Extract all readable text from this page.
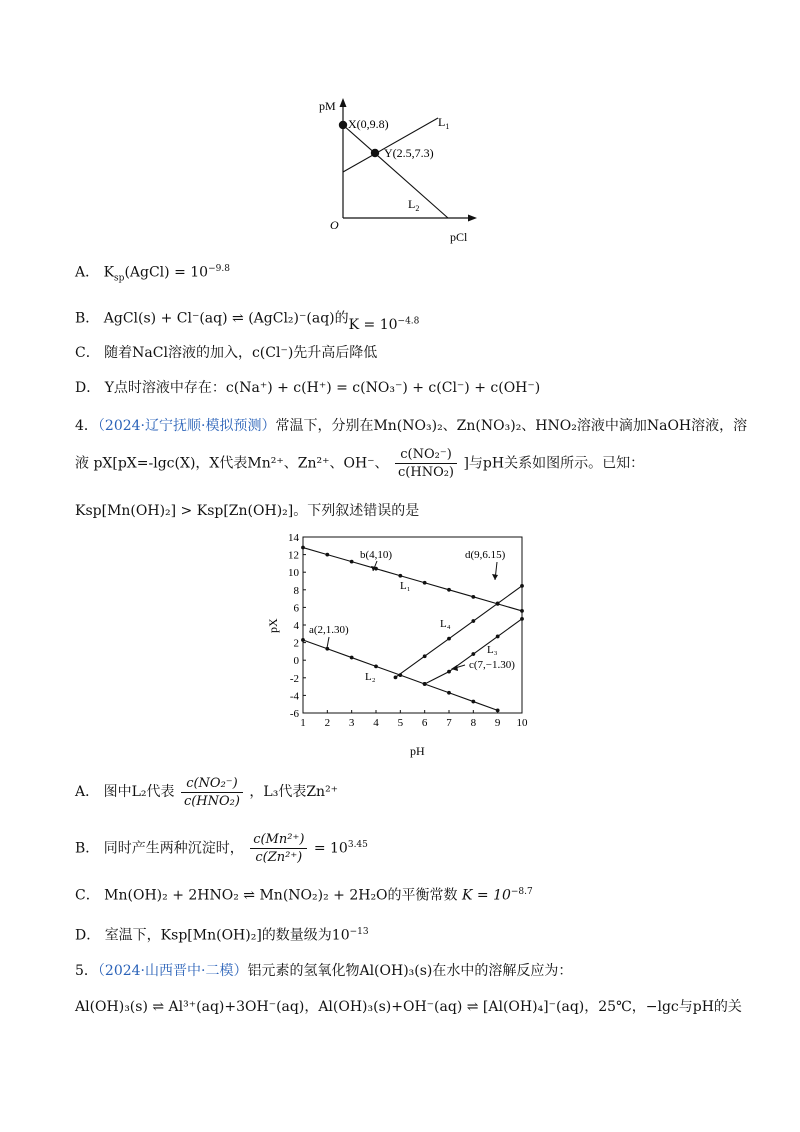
pM
pCl
O
X(0,9.8)
Y(2.5,7.3)
$L_1$
$L_2$
A． $K_{sp}(AgCl) = 10^{-9.8}$
B． AgCl(s) + Cl⁻(aq) ⇌ (AgCl₂)⁻(aq)的$K = 10^{-4.8}$
C． 随着NaCl溶液的加入，c(Cl⁻)先升高后降低
D． Y点时溶液中存在：c(Na⁺) + c(H⁺) = c(NO₃⁻) + c(Cl⁻) + c(OH⁻)
4．（2024·辽宁抚顺·模拟预测）常温下，分别在Mn(NO₃)₂、Zn(NO₃)₂、HNO₂溶液中滴加NaOH溶液，溶
液 pX[pX=-lgc(X)，X代表Mn²⁺、Zn²⁺、OH⁻、 $\frac{\text{c(NO₂⁻)}}{\text{c(HNO₂)}}$ ]与pH关系如图所示。已知：
Ksp[Mn(OH)₂] > Ksp[Zn(OH)₂]。下列叙述错误的是
1 2 3 4 5 6 7 8 9 10
-6
-4
-2
0
2
4
6
8
10
12
14
b(4,10)	d(9,6.15)
a(2,1.30)
c(7,−1.30)
L₁
L₄
L₃
L₂
pH
pX
A． 图中L₂代表 $\frac{\text{c(NO₂⁻)}}{\text{c(HNO₂)}}$ ，L₃代表Zn²⁺
B． 同时产生两种沉淀时， $\frac{\text{c(Mn²⁺)}}{\text{c(Zn²⁺)}} = 10^{3.45}$
C． Mn(OH)₂ + 2HNO₂ ⇌ Mn(NO₂)₂ + 2H₂O的平衡常数 $K = 10^{-8.7}$
D． 室温下，Ksp[Mn(OH)₂]的数量级为$10^{-13}$
5．（2024·山西晋中·二模）铝元素的氢氧化物Al(OH)₃(s)在水中的溶解反应为：
Al(OH)₃(s) ⇌ Al³⁺(aq)+3OH⁻(aq)，Al(OH)₃(s)+OH⁻(aq) ⇌ [Al(OH)₄]⁻(aq)，25℃，−lgc与pH的关
